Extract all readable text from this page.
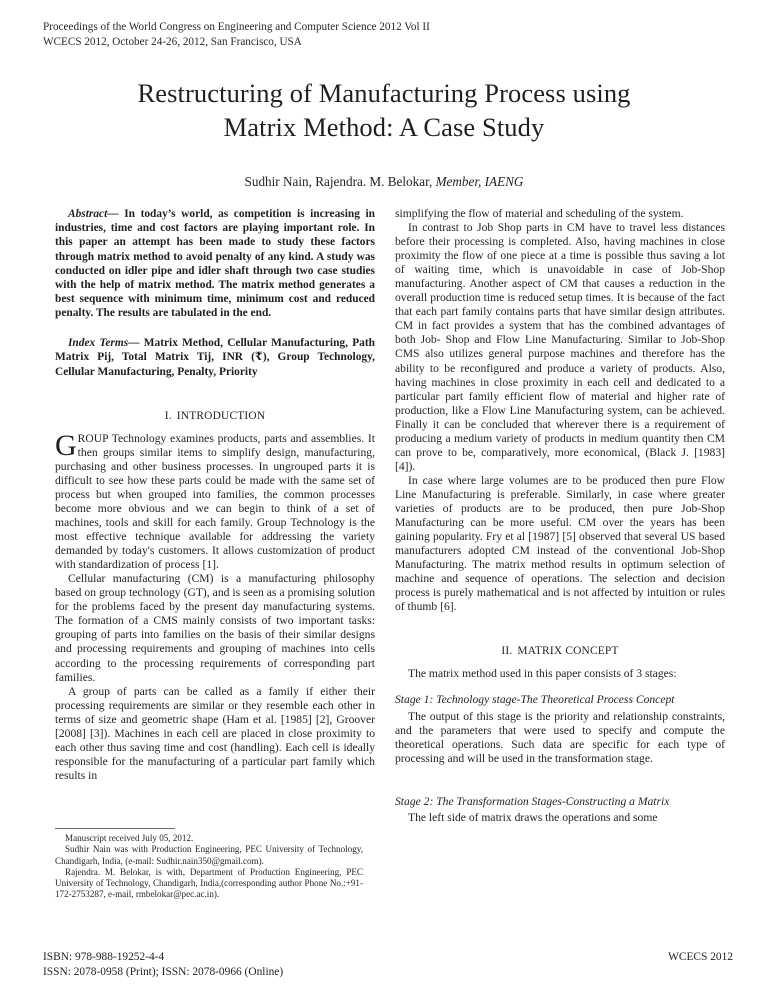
Proceedings of the World Congress on Engineering and Computer Science 2012 Vol II
WCECS 2012, October 24-26, 2012, San Francisco, USA
Restructuring of Manufacturing Process using
Matrix Method: A Case Study
Sudhir Nain, Rajendra. M. Belokar, Member, IAENG

Abstract— In today’s world, as competition is increasing in industries, time and cost factors are playing important role. In this paper an attempt has been made to study these factors through matrix method to avoid penalty of any kind. A study was conducted on idler pipe and idler shaft through two case studies with the help of matrix method. The matrix method generates a best sequence with minimum time, minimum cost and reduced penalty. The results are tabulated in the end.

Index Terms— Matrix Method, Cellular Manufacturing, Path Matrix Pij, Total Matrix Tij, INR (₹), Group Technology, Cellular Manufacturing, Penalty, Priority

I. INTRODUCTION

GROUP Technology examines products, parts and assemblies. It then groups similar items to simplify design, manufacturing, purchasing and other business processes. In ungrouped parts it is difficult to see how these parts could be made with the same set of process but when grouped into families, the common processes become more obvious and we can begin to think of a set of machines, tools and skill for each family. Group Technology is the most effective technique available for addressing the variety demanded by today's customers. It allows customization of product with standardization of process [1].

Cellular manufacturing (CM) is a manufacturing philosophy based on group technology (GT), and is seen as a promising solution for the problems faced by the present day manufacturing systems. The formation of a CMS mainly consists of two important tasks: grouping of parts into families on the basis of their similar designs and processing requirements and grouping of machines into cells according to the processing requirements of corresponding part families.

A group of parts can be called as a family if either their processing requirements are similar or they resemble each other in terms of size and geometric shape (Ham et al. [1985] [2], Groover [2008] [3]). Machines in each cell are placed in close proximity to each other thus saving time and cost (handling). Each cell is ideally responsible for the manufacturing of a particular part family which results in

simplifying the flow of material and scheduling of the system.

In contrast to Job Shop parts in CM have to travel less distances before their processing is completed. Also, having machines in close proximity the flow of one piece at a time is possible thus saving a lot of waiting time, which is unavoidable in case of Job-Shop manufacturing. Another aspect of CM that causes a reduction in the overall production time is reduced setup times. It is because of the fact that each part family contains parts that have similar design attributes. CM in fact provides a system that has the combined advantages of both Job- Shop and Flow Line Manufacturing. Similar to Job-Shop CMS also utilizes general purpose machines and therefore has the ability to be reconfigured and produce a variety of products. Also, having machines in close proximity in each cell and dedicated to a particular part family efficient flow of material and higher rate of production, like a Flow Line Manufacturing system, can be achieved. Finally it can be concluded that wherever there is a requirement of producing a medium variety of products in medium quantity then CM can prove to be, comparatively, more economical, (Black J. [1983] [4]).

In case where large volumes are to be produced then pure Flow Line Manufacturing is preferable. Similarly, in case where greater varieties of products are to be produced, then pure Job-Shop Manufacturing can be more useful. CM over the years has been gaining popularity. Fry et al [1987] [5] observed that several US based manufacturers adopted CM instead of the conventional Job-Shop Manufacturing. The matrix method results in optimum selection of machine and sequence of operations. The selection and decision process is purely mathematical and is not affected by intuition or rules of thumb [6].

II. MATRIX CONCEPT

The matrix method used in this paper consists of 3 stages:

Stage 1: Technology stage-The Theoretical Process Concept

The output of this stage is the priority and relationship constraints, and the parameters that were used to specify and compute the theoretical operations. Such data are specific for each type of processing and will be used in the transformation stage.

Stage 2: The Transformation Stages-Constructing a Matrix

The left side of matrix draws the operations and some

Manuscript received July 05, 2012.

Sudhir Nain was with Production Engineering, PEC University of Technology, Chandigarh, India, (e-mail: Sudhir.nain350@gmail.com).

Rajendra. M. Belokar, is with, Department of Production Engineering, PEC University of Technology, Chandigarh, India,(corresponding author Phone No.:+91-172-2753287, e-mail, rmbelokar@pec.ac.in).

WCECS 2012
ISBN: 978-988-19252-4-4
ISSN: 2078-0958 (Print); ISSN: 2078-0966 (Online)
